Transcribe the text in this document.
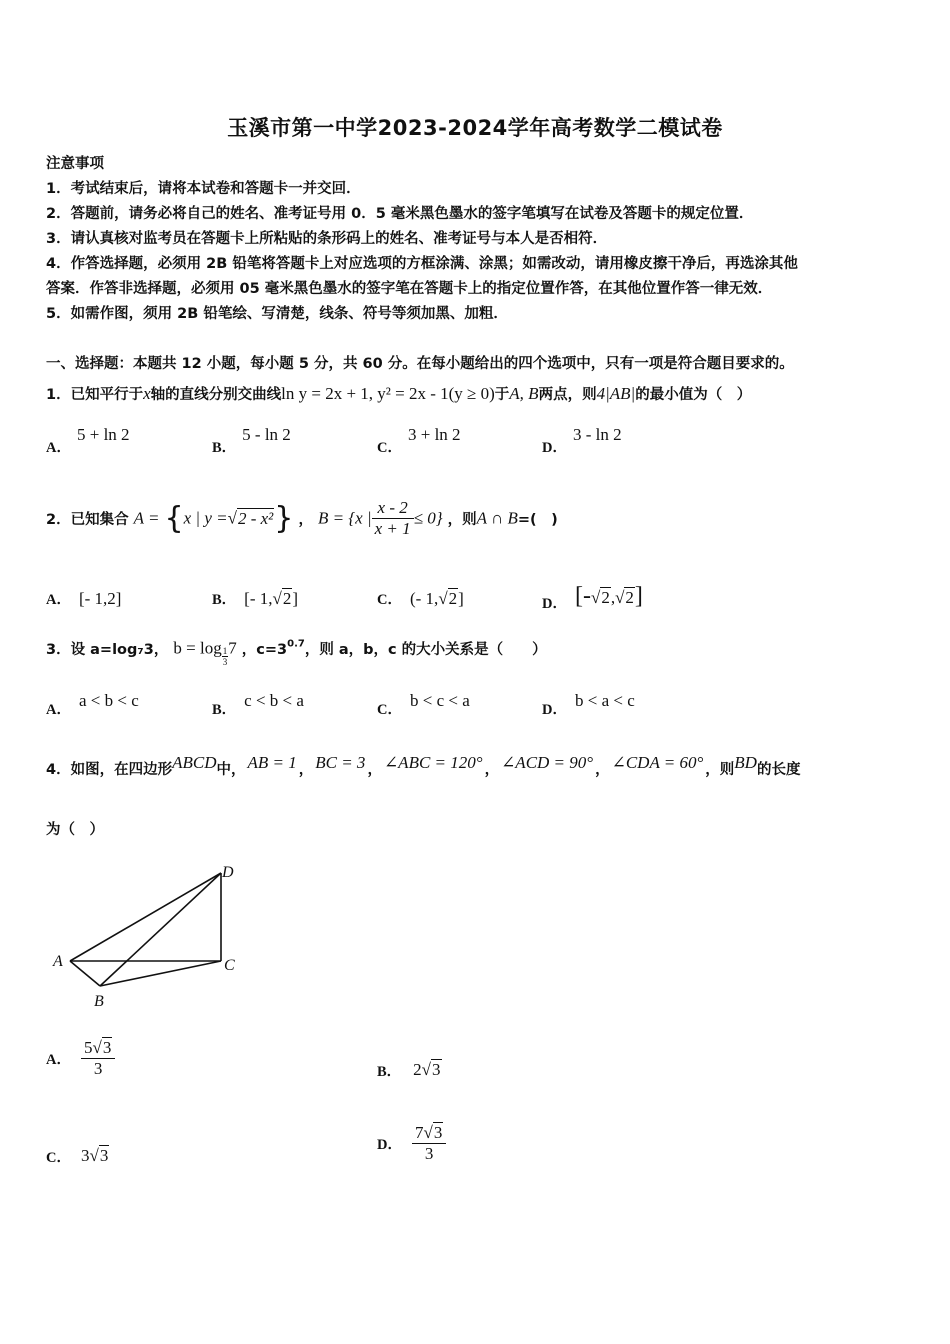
玉溪市第一中学2023-2024学年高考数学二模试卷
注意事项
1．考试结束后，请将本试卷和答题卡一并交回．
2．答题前，请务必将自己的姓名、准考证号用 0．5 毫米黑色墨水的签字笔填写在试卷及答题卡的规定位置．
3．请认真核对监考员在答题卡上所粘贴的条形码上的姓名、准考证号与本人是否相符．
4．作答选择题，必须用 2B 铅笔将答题卡上对应选项的方框涂满、涂黑；如需改动，请用橡皮擦干净后，再选涂其他
答案．作答非选择题，必须用 05 毫米黑色墨水的签字笔在答题卡上的指定位置作答，在其他位置作答一律无效．
5．如需作图，须用 2B 铅笔绘、写清楚，线条、符号等须加黑、加粗．
一、选择题：本题共 12 小题，每小题 5 分，共 60 分。在每小题给出的四个选项中，只有一项是符合题目要求的。
1．已知平行于x轴的直线分别交曲线ln y = 2x + 1, y² = 2x - 1(y ≥ 0)于A, B两点，则4|AB|的最小值为（　）
A．5 + ln 2
B．5 - ln 2
C．3 + ln 2
D．3 - ln 2
2．已知集合 A = {x | y =√2 - x²} ， B = {x | $\frac{x - 2}{x + 1} \le 0$} ，则A ∩ B=(　)
A． [- 1,2]	B． [- 1,√2]	C． (- 1,√2]	D． [-√2,√2]
3．设 a=log₇3， $b = \log \frac{1}{3} 7$ ，$c=3^{0.7}$，则 a，b，c 的大小关系是（　　）
A． a < b < c	B． c < b < a	C． b < c < a	D． b < a < c
4．如图，在四边形ABCD中， AB = 1 ， BC = 3 ， ∠ABC = 120° ， ∠ACD = 90° ， ∠CDA = 60° ，则BD的长度
为（　）
A
B
C
D
A． $\frac{5√3}{3}$	B． 2√3
C． 3√3
D． $\frac{7√3}{3}$
